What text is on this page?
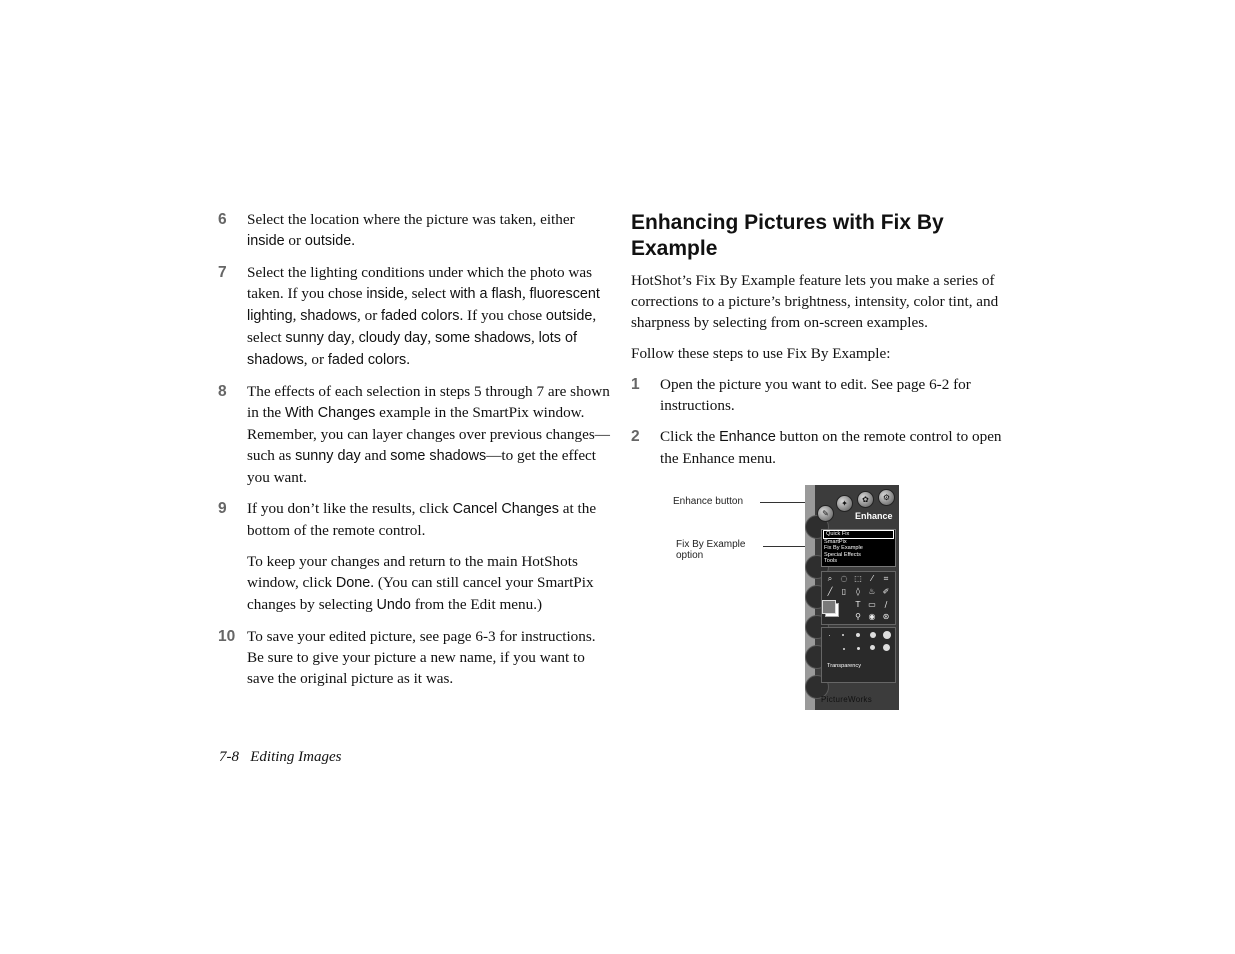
6 Select the location where the picture was taken, either inside or outside.
7 Select the lighting conditions under which the photo was taken. If you chose inside, select with a flash, fluorescent lighting, shadows, or faded colors. If you chose outside, select sunny day, cloudy day, some shadows, lots of shadows, or faded colors.
8 The effects of each selection in steps 5 through 7 are shown in the With Changes example in the SmartPix window. Remember, you can layer changes over previous changes—such as sunny day and some shadows—to get the effect you want.
9 If you don’t like the results, click Cancel Changes at the bottom of the remote control.
To keep your changes and return to the main HotShots window, click Done. (You can still cancel your SmartPix changes by selecting Undo from the Edit menu.)
10 To save your edited picture, see page 6-3 for instructions. Be sure to give your picture a new name, if you want to save the original picture as it was.
Enhancing Pictures with Fix By Example
HotShot’s Fix By Example feature lets you make a series of corrections to a picture’s brightness, intensity, color tint, and sharpness by selecting from on-screen examples.
Follow these steps to use Fix By Example:
1 Open the picture you want to edit. See page 6-2 for instructions.
2 Click the Enhance button on the remote control to open the Enhance menu.
Enhance button
Fix By Example
option
✎
✦	✿	⚙
Enhance
Quick Fix
SmartPix
Fix By Example
Special Effects
Tools
⌕	◌ ⬚	⁄	⌗
╱	▯	◊	♨ ✐
T ▭	∕
⚲ ◉ ⊛
Transparency
PictureWorks
7-8 Editing Images
